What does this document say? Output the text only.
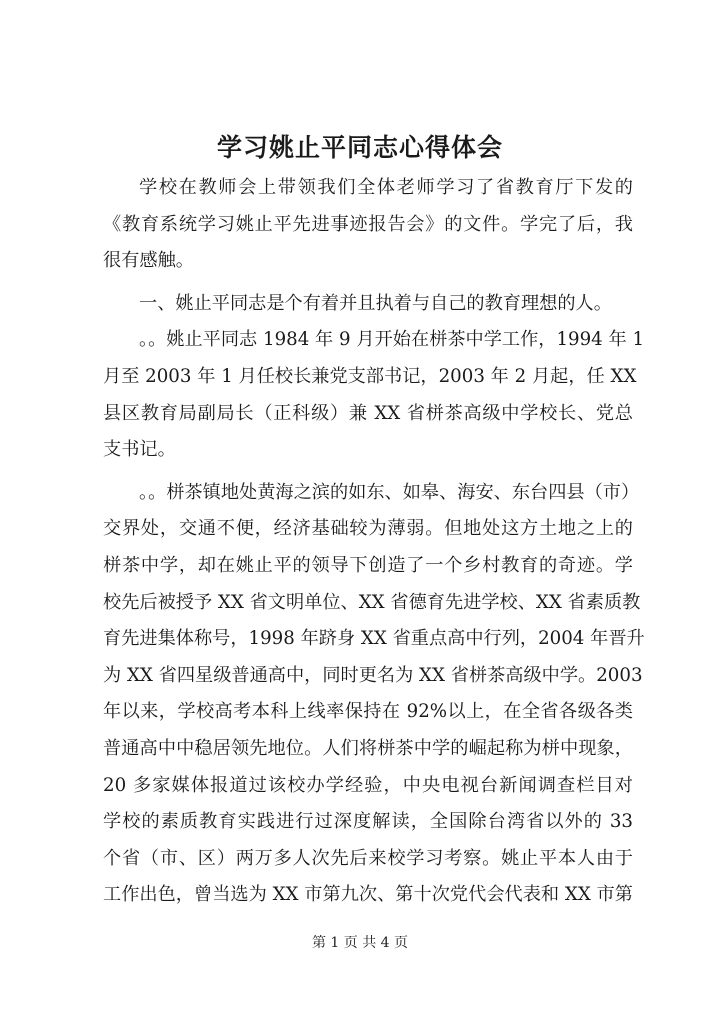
学习姚止平同志心得体会
学校在教师会上带领我们全体老师学习了省教育厅下发的
《教育系统学习姚止平先进事迹报告会》的文件。学完了后，我
很有感触。
一、姚止平同志是个有着并且执着与自己的教育理想的人。
。。姚止平同志 1984 年 9 月开始在栟茶中学工作，1994 年 1
月至 2003 年 1 月任校长兼党支部书记，2003 年 2 月起，任 XX
县区教育局副局长（正科级）兼 XX 省栟茶高级中学校长、党总
支书记。
。。栟茶镇地处黄海之滨的如东、如皋、海安、东台四县（市）
交界处，交通不便，经济基础较为薄弱。但地处这方土地之上的
栟茶中学，却在姚止平的领导下创造了一个乡村教育的奇迹。学
校先后被授予 XX 省文明单位、XX 省德育先进学校、XX 省素质教
育先进集体称号，1998 年跻身 XX 省重点高中行列，2004 年晋升
为 XX 省四星级普通高中，同时更名为 XX 省栟茶高级中学。2003
年以来，学校高考本科上线率保持在 92%以上，在全省各级各类
普通高中中稳居领先地位。人们将栟茶中学的崛起称为栟中现象，
20 多家媒体报道过该校办学经验，中央电视台新闻调查栏目对
学校的素质教育实践进行过深度解读，全国除台湾省以外的 33
个省（市、区）两万多人次先后来校学习考察。姚止平本人由于
工作出色，曾当选为 XX 市第九次、第十次党代会代表和 XX 市第
第 1 页 共 4 页
